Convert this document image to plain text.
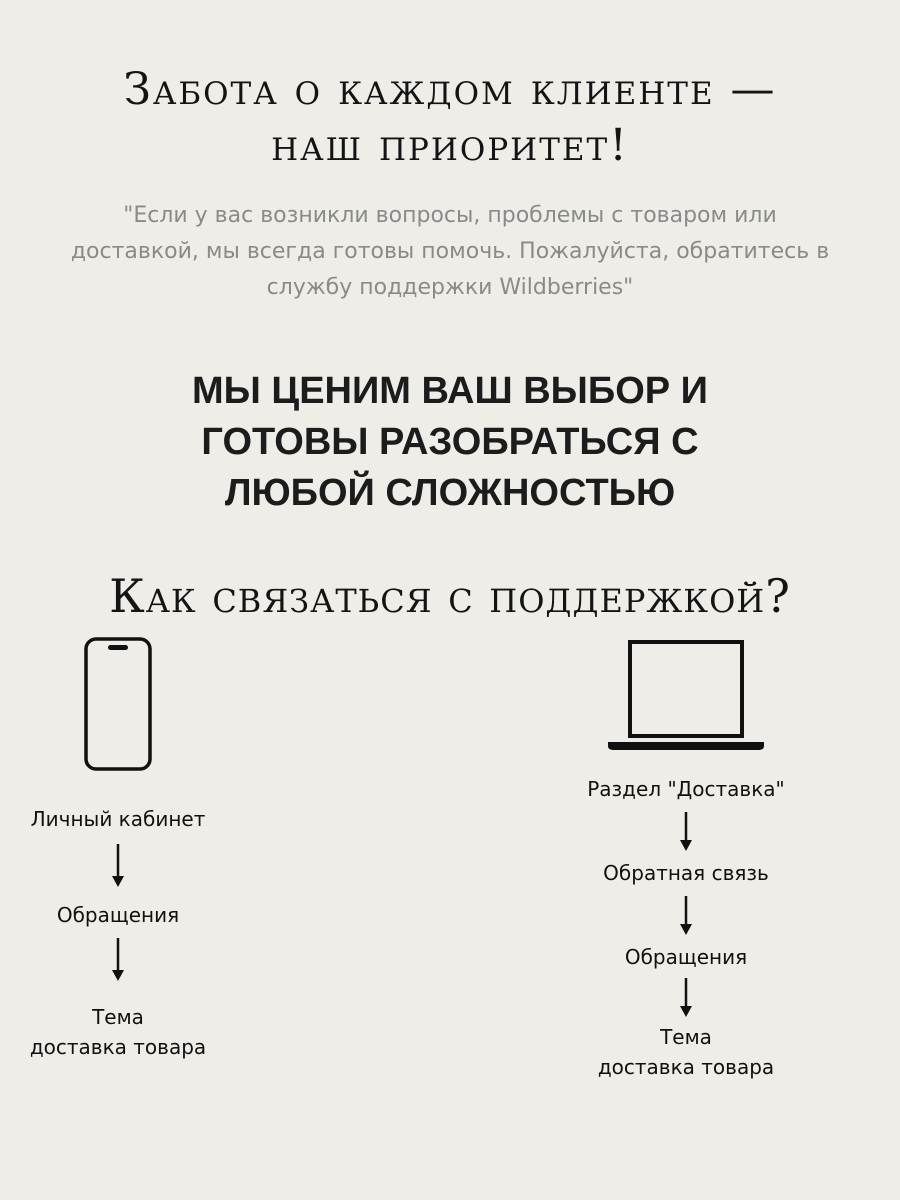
Забота о каждом клиенте —
наш приоритет!

"Если у вас возникли вопросы, проблемы с товаром или доставкой, мы всегда готовы помочь. Пожалуйста, обратитесь в службу поддержки Wildberries"

МЫ ЦЕНИМ ВАШ ВЫБОР И
ГОТОВЫ РАЗОБРАТЬСЯ С
ЛЮБОЙ СЛОЖНОСТЬЮ
Как связаться с поддержкой?
Личный кабинет
Обращения
Тема
доставка товара
Раздел "Доставка"
Обратная связь
Обращения
Тема
доставка товара
